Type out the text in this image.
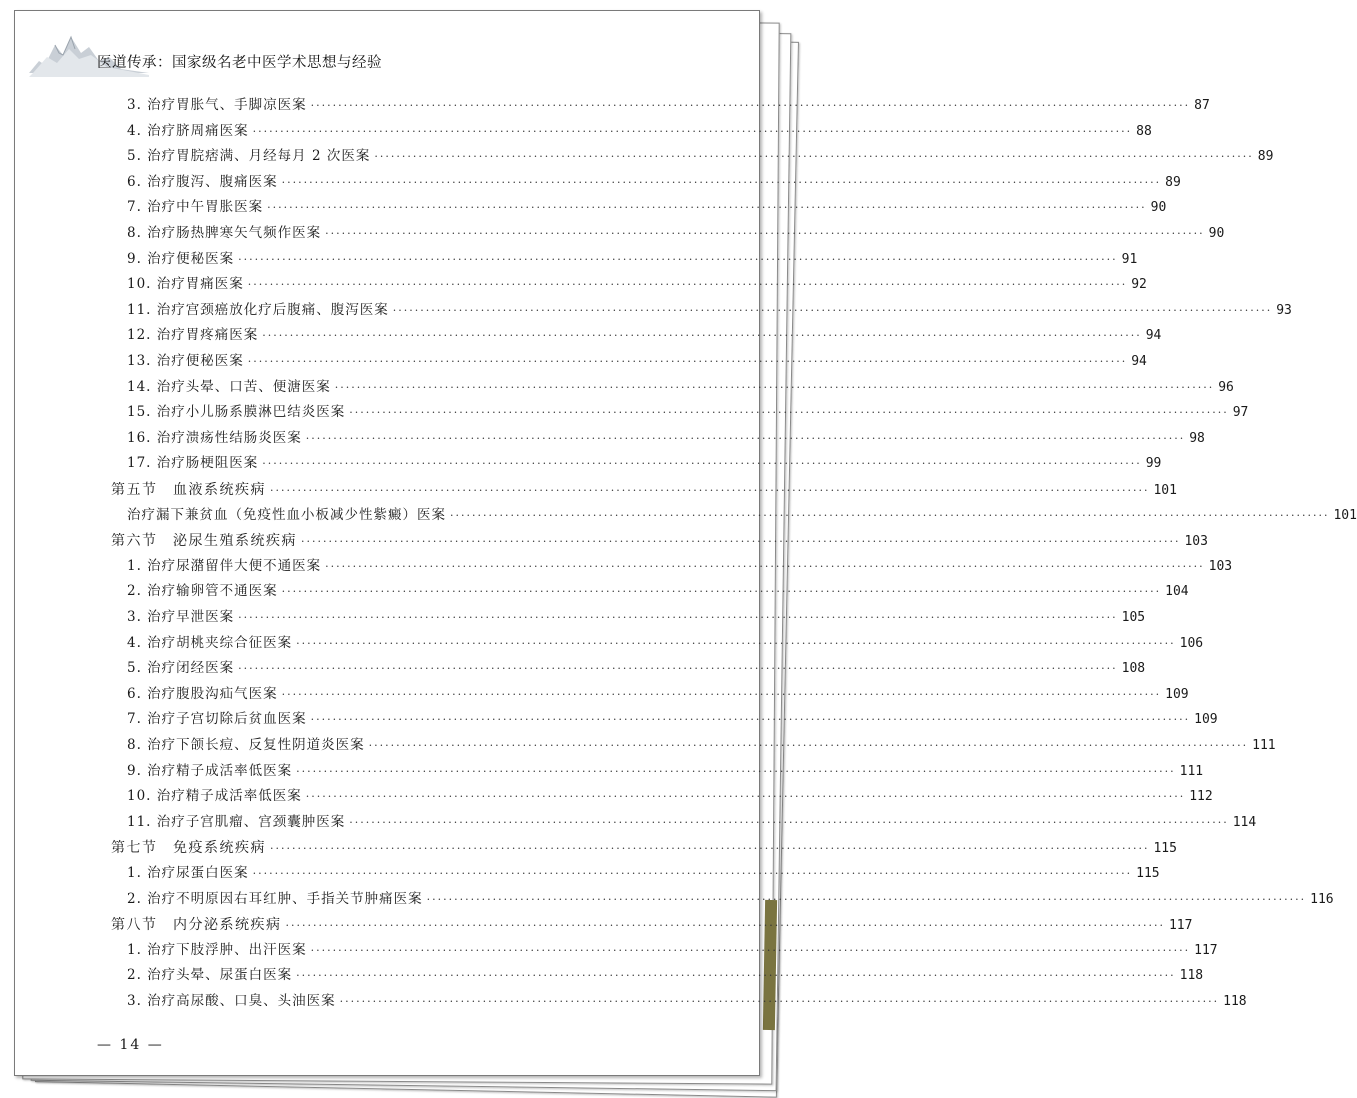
医道传承：国家级名老中医学术思想与经验
3. 治疗胃胀气、手脚凉医案 ································································································································································ 87
4. 治疗脐周痛医案 ································································································································································ 88
5. 治疗胃脘痞满、月经每月 2 次医案 ································································································································································ 89
6. 治疗腹泻、腹痛医案 ································································································································································ 89
7. 治疗中午胃胀医案 ································································································································································ 90
8. 治疗肠热脾寒矢气频作医案 ································································································································································ 90
9. 治疗便秘医案 ································································································································································ 91
10. 治疗胃痛医案 ································································································································································ 92
11. 治疗宫颈癌放化疗后腹痛、腹泻医案 ································································································································································ 93
12. 治疗胃疼痛医案 ································································································································································ 94
13. 治疗便秘医案 ································································································································································ 94
14. 治疗头晕、口苦、便溏医案 ································································································································································ 96
15. 治疗小儿肠系膜淋巴结炎医案 ································································································································································ 97
16. 治疗溃疡性结肠炎医案 ································································································································································ 98
17. 治疗肠梗阻医案 ································································································································································ 99
第五节　血液系统疾病 ································································································································································ 101
治疗漏下兼贫血（免疫性血小板减少性紫癜）医案 ································································································································································ 101
第六节　泌尿生殖系统疾病 ································································································································································ 103
1. 治疗尿潴留伴大便不通医案 ································································································································································ 103
2. 治疗输卵管不通医案 ································································································································································ 104
3. 治疗早泄医案 ································································································································································ 105
4. 治疗胡桃夹综合征医案 ································································································································································ 106
5. 治疗闭经医案 ································································································································································ 108
6. 治疗腹股沟疝气医案 ································································································································································ 109
7. 治疗子宫切除后贫血医案 ································································································································································ 109
8. 治疗下颌长痘、反复性阴道炎医案 ································································································································································ 111
9. 治疗精子成活率低医案 ································································································································································ 111
10. 治疗精子成活率低医案 ································································································································································ 112
11. 治疗子宫肌瘤、宫颈囊肿医案 ································································································································································ 114
第七节　免疫系统疾病 ································································································································································ 115
1. 治疗尿蛋白医案 ································································································································································ 115
2. 治疗不明原因右耳红肿、手指关节肿痛医案 ································································································································································ 116
第八节　内分泌系统疾病 ································································································································································ 117
1. 治疗下肢浮肿、出汗医案 ································································································································································ 117
2. 治疗头晕、尿蛋白医案 ································································································································································ 118
3. 治疗高尿酸、口臭、头油医案 ································································································································································ 118
— 14 —
